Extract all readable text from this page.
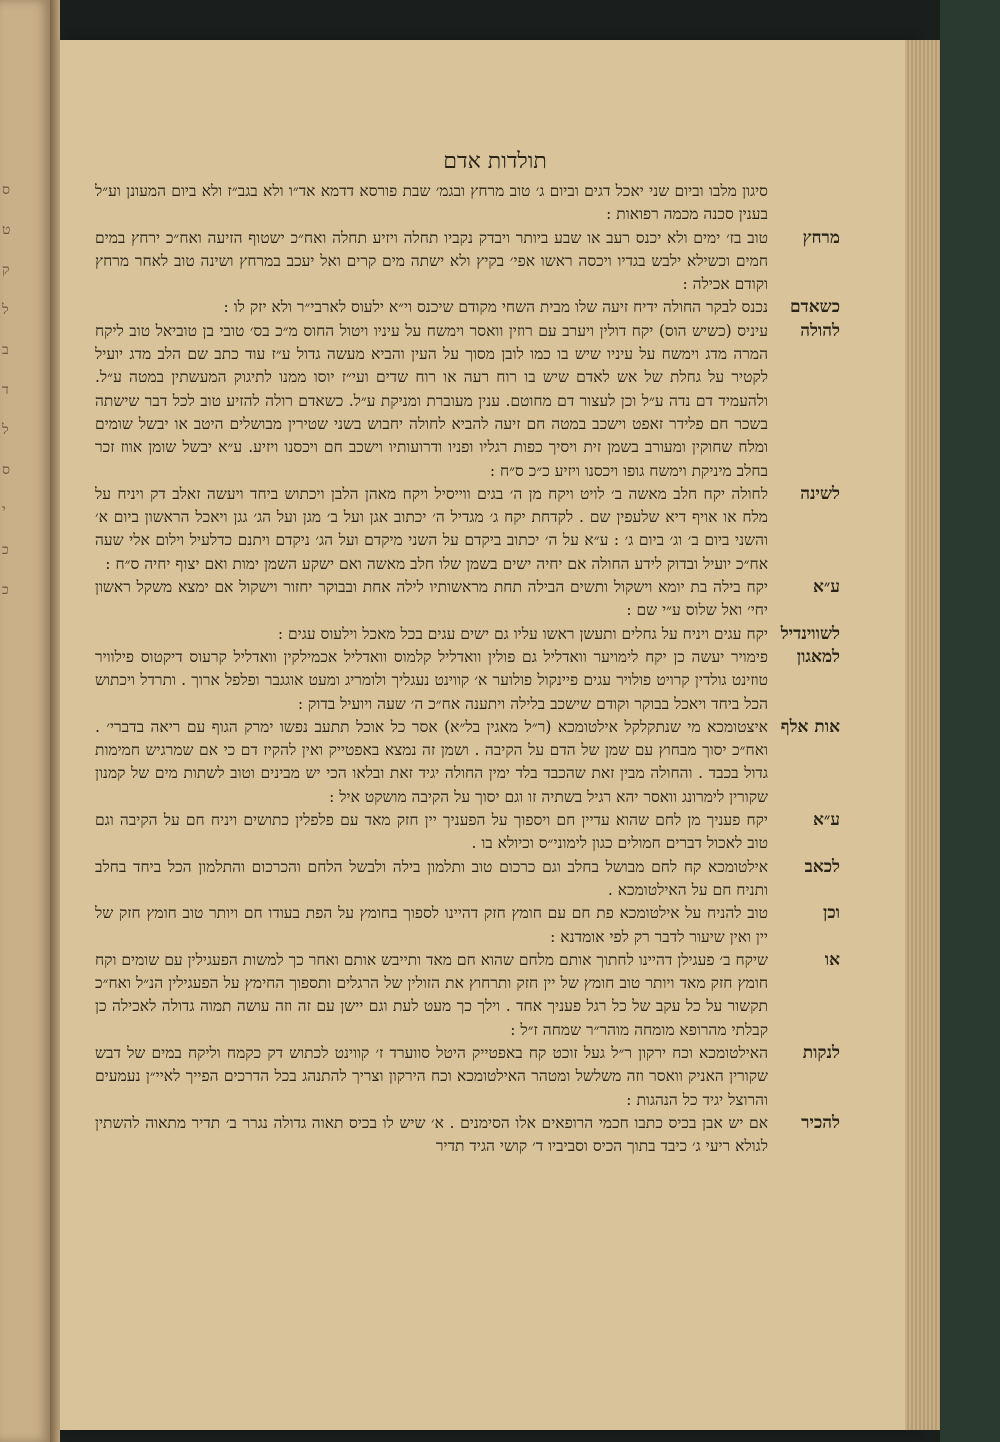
ס
ט
ק
ל
ב
ד
ל
ס
י
כ
כ
תולדות אדם
סיגון מלבו וביום שני יאכל דגים וביום ג׳ טוב מרחץ ובגמ׳ שבת פורסא דדמא אד״ו ולא בגב״ז ולא ביום המעונן וע״ל בענין סכנה מכמה רפואות :
מרחץ
טוב בז׳ ימים ולא יכנס רעב או שבע ביותר ויבדק נקביו תחלה ויזיע תחלה ואח״כ ישטוף הזיעה ואח״כ ירחץ במים חמים וכשילא ילבש בגדיו ויכסה ראשו אפי׳ בקיץ ולא ישתה מים קרים ואל יעכב במרחץ ושינה טוב לאחר מרחץ וקודם אכילה :
כשאדם
נכנס לבקר החולה ידיח זיעה שלו מבית השחי מקודם שיכנס וי״א ילעוס לארבי״ר ולא יזק לו :
להולה
עיניס (כשיש הוס) יקח דולין ויערב עם רוזין וואסר וימשח על עיניו ויטול החוס מ״כ בס׳ טובי בן טוביאל טוב ליקח המרה מדג וימשח על עיניו שיש בו כמו לובן מסוך על העין והביא מעשה גדול ע״ז עוד כתב שם הלב מדג יועיל לקטיר על גחלת של אש לאדם שיש בו רוח רעה או רוח שדים ועי״ז יוסו ממנו לתיגוק המעשתין במטה ע״ל. ולהעמיד דם נדה ע״ל וכן לעצור דם מחוטם. ענין מעוברת ומניקת ע״ל. כשאדם רולה להזיע טוב לכל דבר שישתה בשכר חם פלידר זאפט וישכב במטה חם זיעה להביא לחולה יחבוש בשני שטירין מבושלים היטב או יבשל שומים ומלח שחוקין ומעורב בשמן זית ויסיך כפות רגליו ופניו ודרועותיו וישכב חם ויכסנו ויזיע. ע״א יבשל שומן אווז זכר בחלב מיניקת וימשח גופו ויכסנו ויזיע כ״כ ס״ח :
לשינה
לחולה יקח חלב מאשה ב׳ לויט ויקח מן ה׳ בגים ווייסיל ויקח מאהן הלבן ויכתוש ביחד ויעשה זאלב דק ויניח על מלח או אויף דיא שלעפין שם . לקדחת יקח ג׳ מגדיל ה׳ יכתוב אגן ועל ב׳ מגן ועל הג׳ גגן ויאכל הראשון ביום א׳ והשני ביום ב׳ וג׳ ביום ג׳ : ע״א על ה׳ יכתוב ביקדם על השני מיקדם ועל הג׳ ניקדם ויתנם כדלעיל וילום אלי שעה אח״כ יועיל ובדוק לידע החולה אם יחיה ישים בשמן שלו חלב מאשה ואם ישקע השמן ימות ואם יצוף יחיה ס״ח :
ע״א
יקח בילה בת יומא וישקול ותשים הבילה תחת מראשותיו לילה אחת ובבוקר יחזור וישקול אם ימצא משקל ראשון יחי׳ ואל שלוס ע״י שם :
לשווינדיל
יקח עגים ויניח על גחלים ותעשן ראשו עליו גם ישים עגים בכל מאכל וילעוס עגים :
למאגון
פימויר יעשה כן יקח לימויער וואדליל גם פולין וואדליל קלמוס וואדליל אכמילקין וואדליל קרעוס דיקטוס פילוויר טוזינט גולדין קרויט פולויר עגים פיינקול פולוער א׳ קווינט נעגליך ולומריג ומעט אוגגבר ופלפל ארוך . ותרדל ויכתוש הכל ביחד ויאכל בבוקר וקודם שישכב בלילה ויתענה אח״כ ה׳ שעה ויועיל בדוק :
אות אלף
איצטומכא מי שנתקלקל אילטומכא (ר״ל מאגין בל״א) אסר כל אוכל תתעב נפשו ימרק הגוף עם ריאה בדברי׳ . ואח״כ יסוך מבחוץ עם שמן של הדם על הקיבה . ושמן זה נמצא באפטייק ואין להקיז דם כי אם שמרגיש חמימות גדול בכבד . והחולה מבין זאת שהכבד בלד ימין החולה יגיד זאת ובלאו הכי יש מבינים וטוב לשתות מים של קמנון שקורין לימרונג וואסר יהא רגיל בשתיה זו וגם יסוך על הקיבה מושקט איל :
ע״א
יקח פעניך מן לחם שהוא עדיין חם ויספוך על הפעניך יין חזק מאד עם פלפלין כתושים ויניח חם על הקיבה וגם טוב לאכול דברים חמולים כגון לימוני״ס וכיולא בו .
לכאב
אילטומכא קח לחם מבושל בחלב וגם כרכום טוב ותלמון בילה ולבשל הלחם והכרכום והתלמון הכל ביחד בחלב ותניח חם על האילטומכא .
וכן
טוב להניח על אילטומכא פת חם עם חומץ חזק דהיינו לספוך בחומץ על הפת בעודו חם ויותר טוב חומץ חזק של יין ואין שיעור לדבר רק לפי אומדנא :
או
שיקח ב׳ פעגילן דהיינו לחתוך אותם מלחם שהוא חם מאד ותייבש אותם ואחר כך למשות הפעגילין עם שומים וקח חומץ חזק מאד ויותר טוב חומץ של יין חזק ותרחוץ את הזולין של הרגלים ותספוך החימץ על הפעגילין הנ״ל ואח״כ תקשור על כל עקב של כל רגל פעניך אחד . וילך כך מעט לעת וגם יישן עם זה וזה עושה תמוה גדולה לאכילה כן קבלתי מהרופא מומחה מוהר״ר שמחה ז״ל :
לנקות
האילטומכא וכח ירקון ר״ל געל זוכט קח באפטייק היטל סווערד ז׳ קווינט לכתוש דק כקמח וליקח במים של דבש שקורין האניק וואסר וזה משלשל ומטהר האילטומכא וכח הירקון וצריך להתנהג בכל הדרכים הפייך לאיי״ן נעמעים והרוצל יגיד כל הנהגות :
להכיר
אם יש אבן בכיס כתבו חכמי הרופאים אלו הסימנים . א׳ שיש לו בכיס תאוה גדולה נגרר ב׳ תדיר מתאוה להשתין לגולא ריעי ג׳ כיבד בתוך הכיס וסביביו ד׳ קושי הגיד תדיר
